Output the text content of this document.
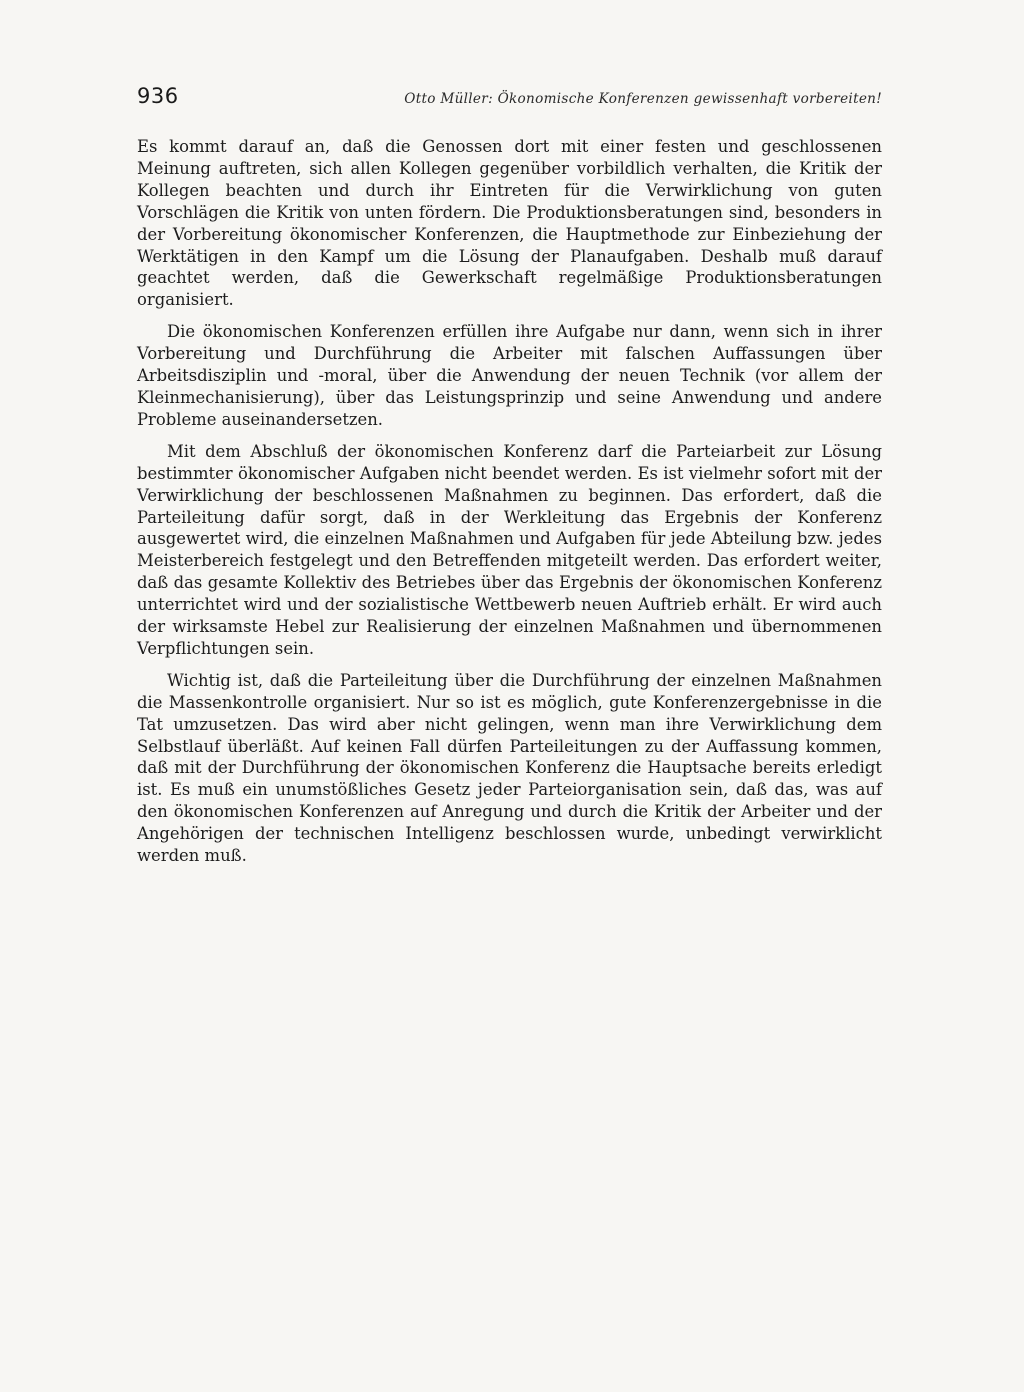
936	Otto Müller: Ökonomische Konferenzen gewissenhaft vorbereiten!

Es kommt darauf an, daß die Genossen dort mit einer festen und geschlossenen Meinung auftreten, sich allen Kollegen gegenüber vorbildlich verhalten, die Kritik der Kollegen beachten und durch ihr Eintreten für die Verwirklichung von guten Vorschlägen die Kritik von unten fördern. Die Produktionsberatungen sind, besonders in der Vorbereitung ökonomischer Konferenzen, die Hauptmethode zur Einbeziehung der Werktätigen in den Kampf um die Lösung der Planaufgaben. Deshalb muß darauf geachtet werden, daß die Gewerkschaft regelmäßige Produktionsberatungen organisiert.

Die ökonomischen Konferenzen erfüllen ihre Aufgabe nur dann, wenn sich in ihrer Vorbereitung und Durchführung die Arbeiter mit falschen Auffassungen über Arbeitsdisziplin und -moral, über die Anwendung der neuen Technik (vor allem der Kleinmechanisierung), über das Leistungsprinzip und seine Anwendung und andere Probleme auseinandersetzen.

Mit dem Abschluß der ökonomischen Konferenz darf die Parteiarbeit zur Lösung bestimmter ökonomischer Aufgaben nicht beendet werden. Es ist vielmehr sofort mit der Verwirklichung der beschlossenen Maßnahmen zu beginnen. Das erfordert, daß die Parteileitung dafür sorgt, daß in der Werkleitung das Ergebnis der Konferenz ausgewertet wird, die einzelnen Maßnahmen und Aufgaben für jede Abteilung bzw. jedes Meisterbereich festgelegt und den Betreffenden mitgeteilt werden. Das erfordert weiter, daß das gesamte Kollektiv des Betriebes über das Ergebnis der ökonomischen Konferenz unterrichtet wird und der sozialistische Wettbewerb neuen Auftrieb erhält. Er wird auch der wirksamste Hebel zur Realisierung der einzelnen Maßnahmen und übernommenen Verpflichtungen sein.

Wichtig ist, daß die Parteileitung über die Durchführung der einzelnen Maßnahmen die Massenkontrolle organisiert. Nur so ist es möglich, gute Konferenzergebnisse in die Tat umzusetzen. Das wird aber nicht gelingen, wenn man ihre Verwirklichung dem Selbstlauf überläßt. Auf keinen Fall dürfen Parteileitungen zu der Auffassung kommen, daß mit der Durchführung der ökonomischen Konferenz die Hauptsache bereits erledigt ist. Es muß ein unumstößliches Gesetz jeder Parteiorganisation sein, daß das, was auf den ökonomischen Konferenzen auf Anregung und durch die Kritik der Arbeiter und der Angehörigen der technischen Intelligenz beschlossen wurde, unbedingt verwirklicht werden muß.
